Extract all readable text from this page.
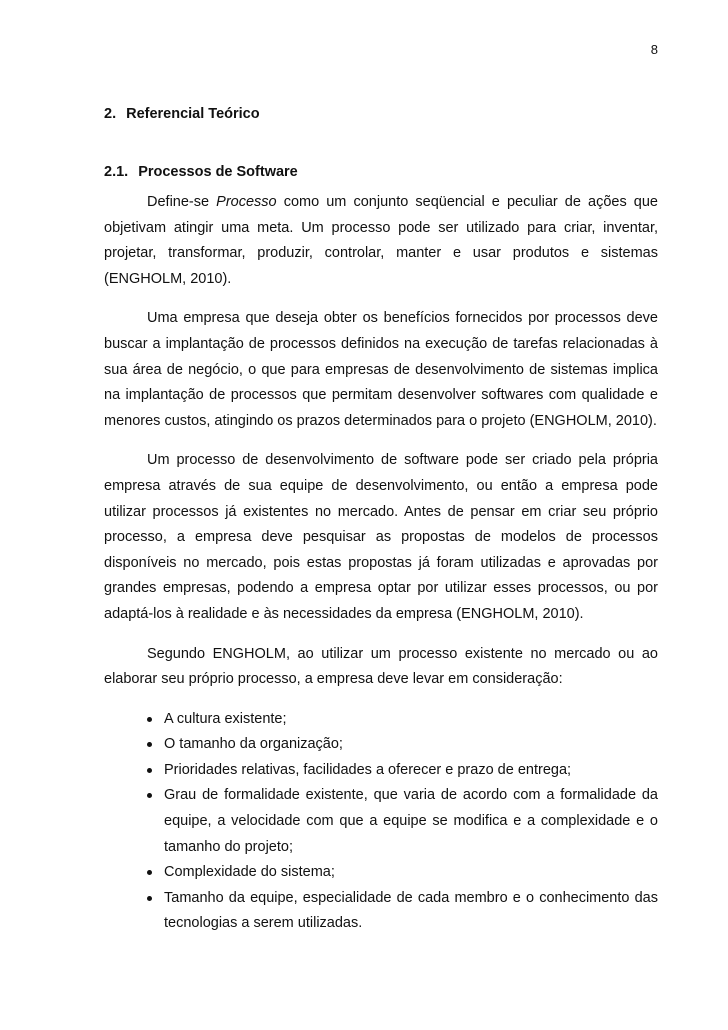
8
2. Referencial Teórico
2.1. Processos de Software

Define-se Processo como um conjunto seqüencial e peculiar de ações que objetivam atingir uma meta. Um processo pode ser utilizado para criar, inventar, projetar, transformar, produzir, controlar, manter e usar produtos e sistemas (ENGHOLM, 2010).

Uma empresa que deseja obter os benefícios fornecidos por processos deve buscar a implantação de processos definidos na execução de tarefas relacionadas à sua área de negócio, o que para empresas de desenvolvimento de sistemas implica na implantação de processos que permitam desenvolver softwares com qualidade e menores custos, atingindo os prazos determinados para o projeto (ENGHOLM, 2010).

Um processo de desenvolvimento de software pode ser criado pela própria empresa através de sua equipe de desenvolvimento, ou então a empresa pode utilizar processos já existentes no mercado. Antes de pensar em criar seu próprio processo, a empresa deve pesquisar as propostas de modelos de processos disponíveis no mercado, pois estas propostas já foram utilizadas e aprovadas por grandes empresas, podendo a empresa optar por utilizar esses processos, ou por adaptá-los à realidade e às necessidades da empresa (ENGHOLM, 2010).

Segundo ENGHOLM, ao utilizar um processo existente no mercado ou ao elaborar seu próprio processo, a empresa deve levar em consideração:

A cultura existente;
O tamanho da organização;
Prioridades relativas, facilidades a oferecer e prazo de entrega;
Grau de formalidade existente, que varia de acordo com a formalidade da equipe, a velocidade com que a equipe se modifica e a complexidade e o tamanho do projeto;
Complexidade do sistema;
Tamanho da equipe, especialidade de cada membro e o conhecimento das tecnologias a serem utilizadas.
